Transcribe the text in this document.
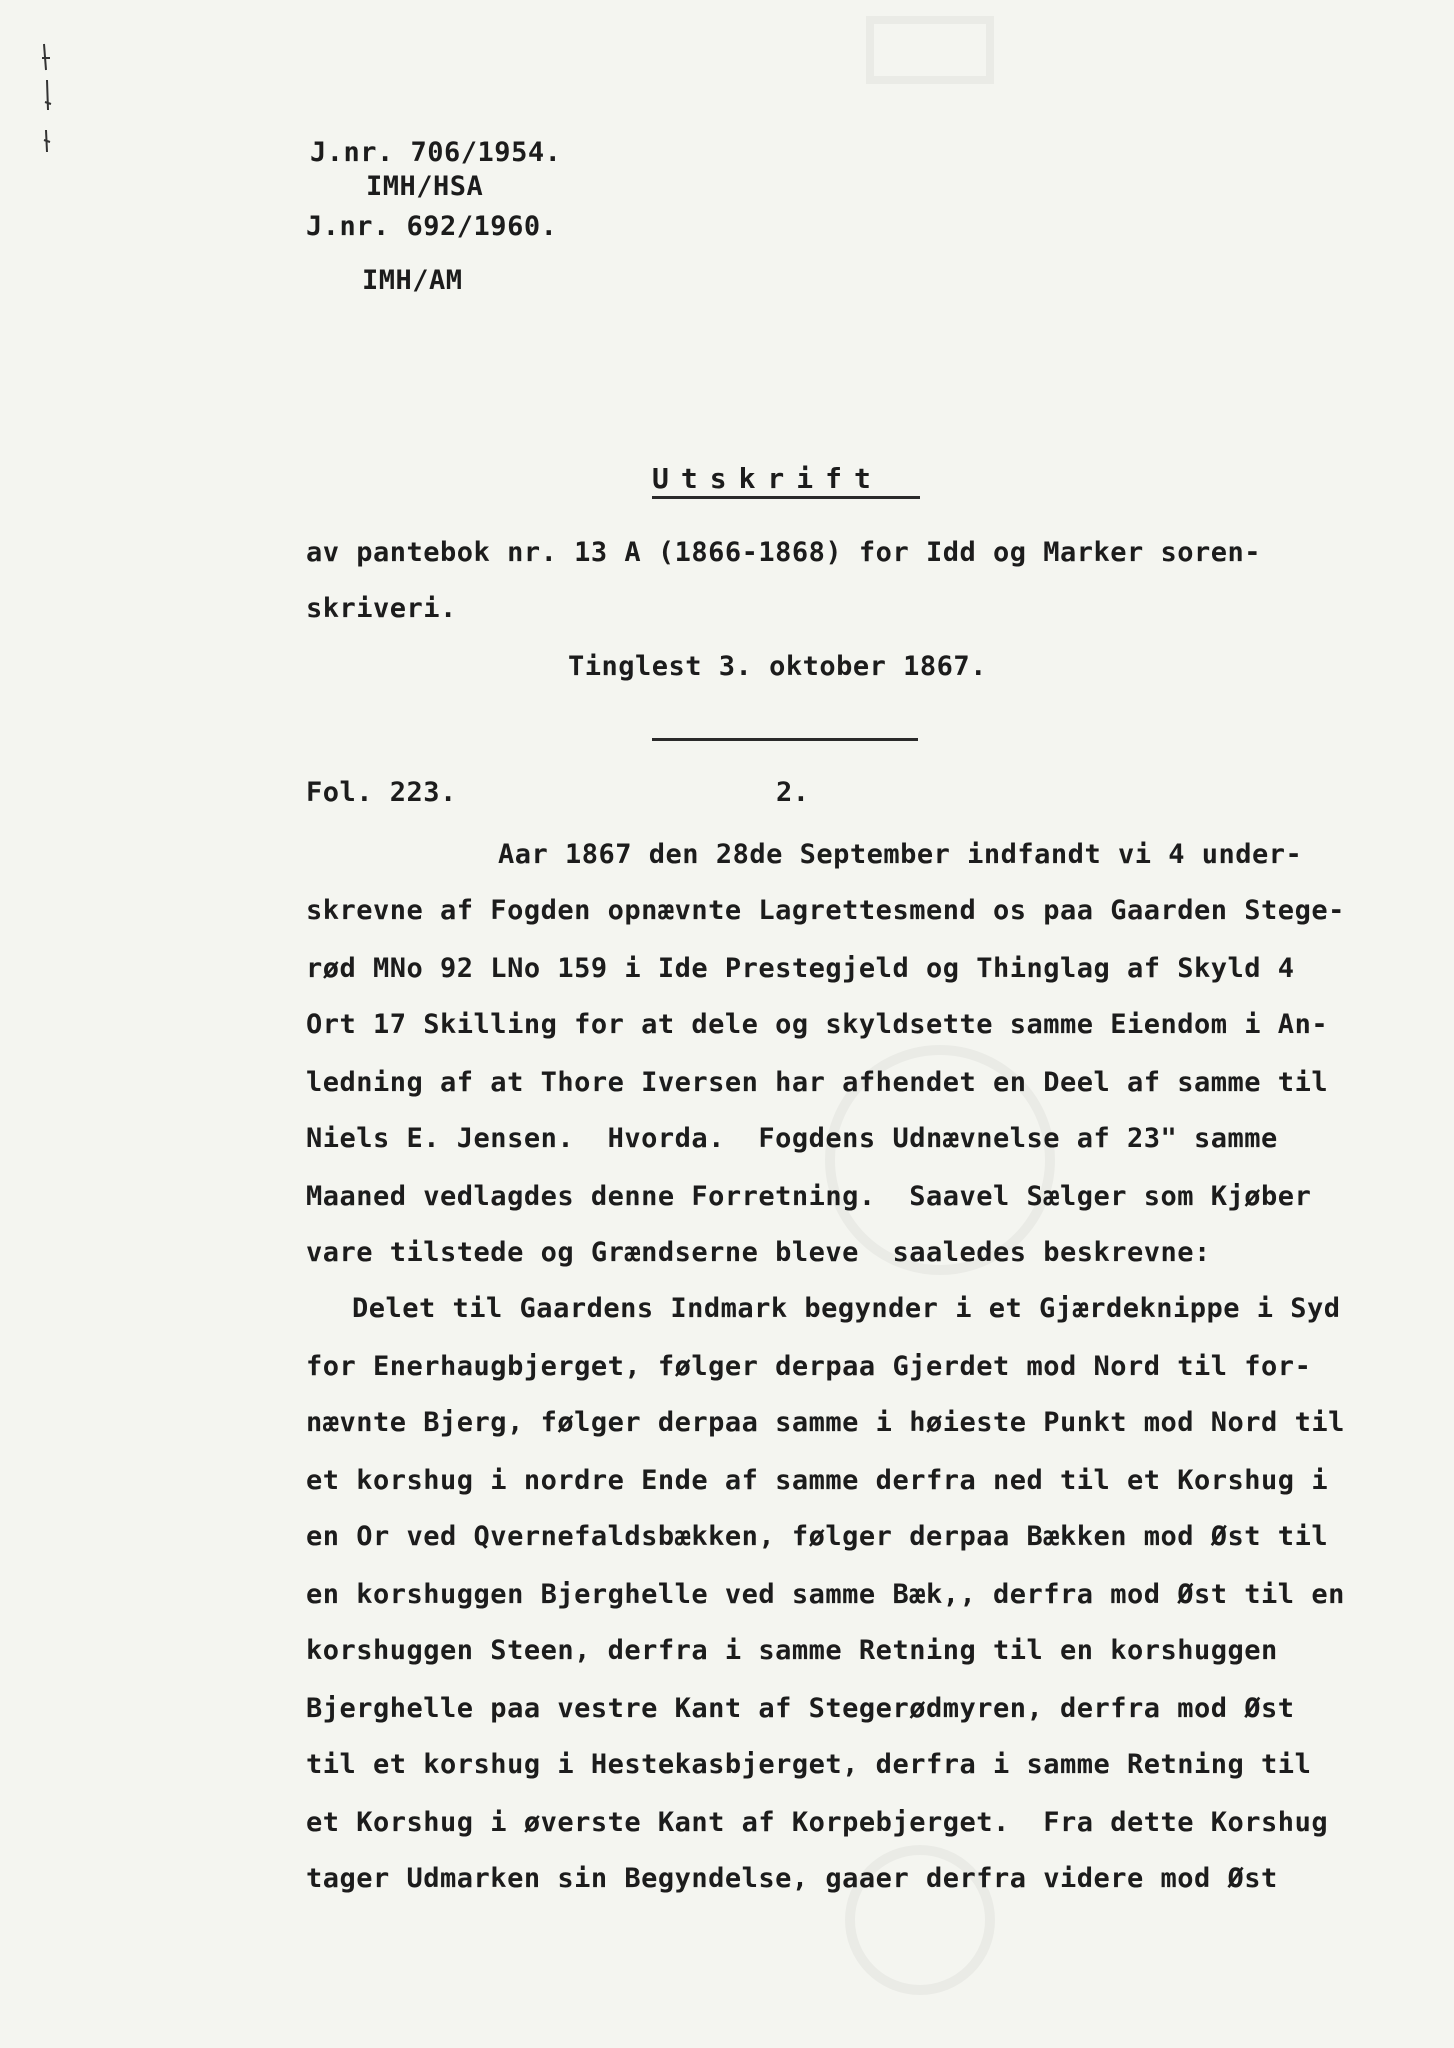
J.nr. 706/1954.
IMH/HSA
J.nr. 692/1960.
IMH/AM
Utskrift
av pantebok nr. 13 A (1866-1868) for Idd og Marker soren-
skriveri.
Tinglest 3. oktober 1867.
Fol. 223.	2.
Aar 1867 den 28de September indfandt vi 4 under-
skrevne af Fogden opnævnte Lagrettesmend os paa Gaarden Stege-
rød MNo 92 LNo 159 i Ide Prestegjeld og Thinglag af Skyld 4
Ort 17 Skilling for at dele og skyldsette samme Eiendom i An-
ledning af at Thore Iversen har afhendet en Deel af samme til
Niels E. Jensen.  Hvorda.  Fogdens Udnævnelse af 23" samme
Maaned vedlagdes denne Forretning.  Saavel Sælger som Kjøber
vare tilstede og Grændserne bleve  saaledes beskrevne:
Delet til Gaardens Indmark begynder i et Gjærdeknippe i Syd
for Enerhaugbjerget, følger derpaa Gjerdet mod Nord til for-
nævnte Bjerg, følger derpaa samme i høieste Punkt mod Nord til
et korshug i nordre Ende af samme derfra ned til et Korshug i
en Or ved Qvernefaldsbækken, følger derpaa Bækken mod Øst til
en korshuggen Bjerghelle ved samme Bæk,, derfra mod Øst til en
korshuggen Steen, derfra i samme Retning til en korshuggen
Bjerghelle paa vestre Kant af Stegerødmyren, derfra mod Øst
til et korshug i Hestekasbjerget, derfra i samme Retning til
et Korshug i øverste Kant af Korpebjerget.  Fra dette Korshug
tager Udmarken sin Begyndelse, gaaer derfra videre mod Øst
